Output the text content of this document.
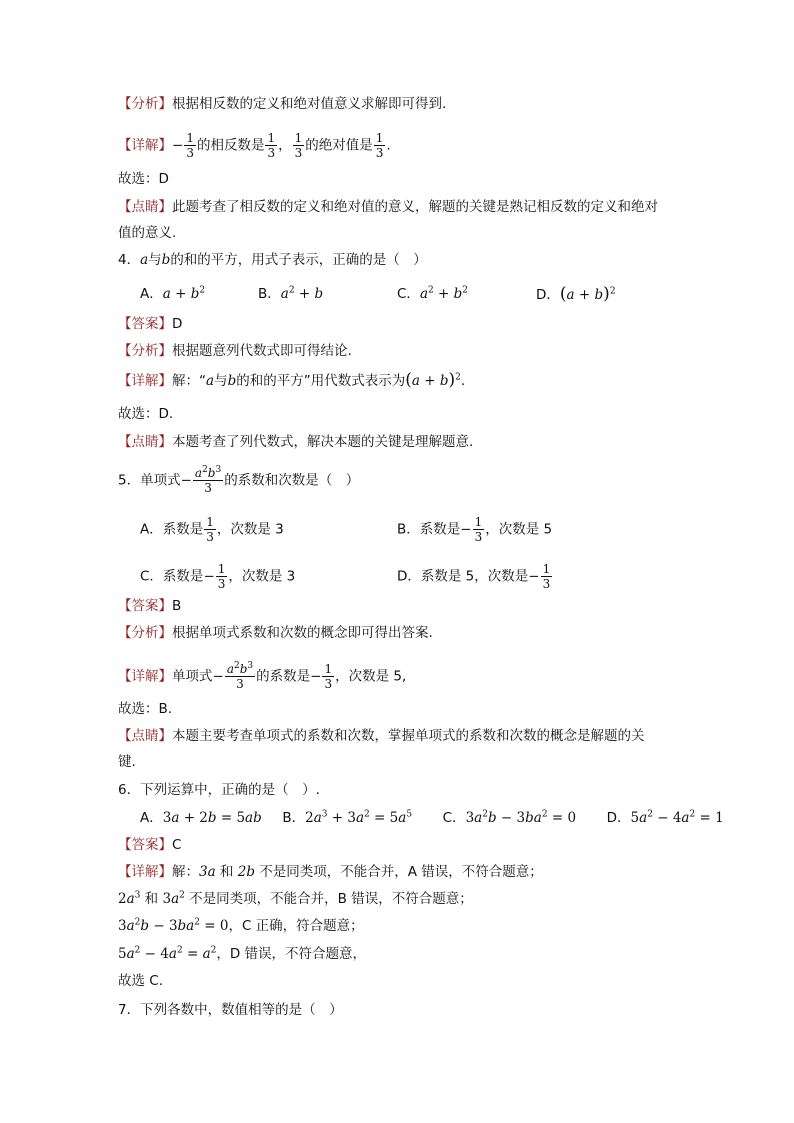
【分析】根据相反数的定义和绝对值意义求解即可得到.
【详解】− $\frac{1}{3}$ 的相反数是 $\frac{1}{3}$ ， $\frac{1}{3}$ 的绝对值是 $\frac{1}{3}$ .
故选：D
【点睛】此题考查了相反数的定义和绝对值的意义，解题的关键是熟记相反数的定义和绝对
值的意义.
4．a与b的和的平方，用式子表示，正确的是（　）
A．$a + b^2$	B．$a^2 + b$	C．$a^2 + b^2$	D．$(a + b)^2$
【答案】D
【分析】根据题意列代数式即可得结论.
【详解】解：“a与b的和的平方”用代数式表示为$(a + b)^2$.
故选：D.
【点睛】本题考查了列代数式，解决本题的关键是理解题意.
5．单项式− $\frac{a^2b^3}{3}$ 的系数和次数是（　）
A．系数是 $\frac{1}{3}$ ，次数是 3	B．系数是− $\frac{1}{3}$ ，次数是 5
C．系数是− $\frac{1}{3}$ ，次数是 3	D．系数是 5，次数是− $\frac{1}{3}$
【答案】B
【分析】根据单项式系数和次数的概念即可得出答案.
【详解】单项式− $\frac{a^2b^3}{3}$ 的系数是− $\frac{1}{3}$ ，次数是 5,
故选：B.
【点睛】本题主要考查单项式的系数和次数，掌握单项式的系数和次数的概念是解题的关
键.
6．下列运算中，正确的是（　）.
A．3a + 2b = 5ab B．$2a^3 + 3a^2 = 5a^5$ C．$3a^2b - 3ba^2 = 0$ D．$5a^2 - 4a^2 = 1$
【答案】C
【详解】解：3a 和 2b 不是同类项，不能合并，A 错误，不符合题意；
$2a^3$ 和 $3a^2$ 不是同类项，不能合并，B 错误，不符合题意；
$3a^2b - 3ba^2 = 0$，C 正确，符合题意；
$5a^2 - 4a^2 = a^2$，D 错误，不符合题意，
故选 C.
7．下列各数中，数值相等的是（　）
